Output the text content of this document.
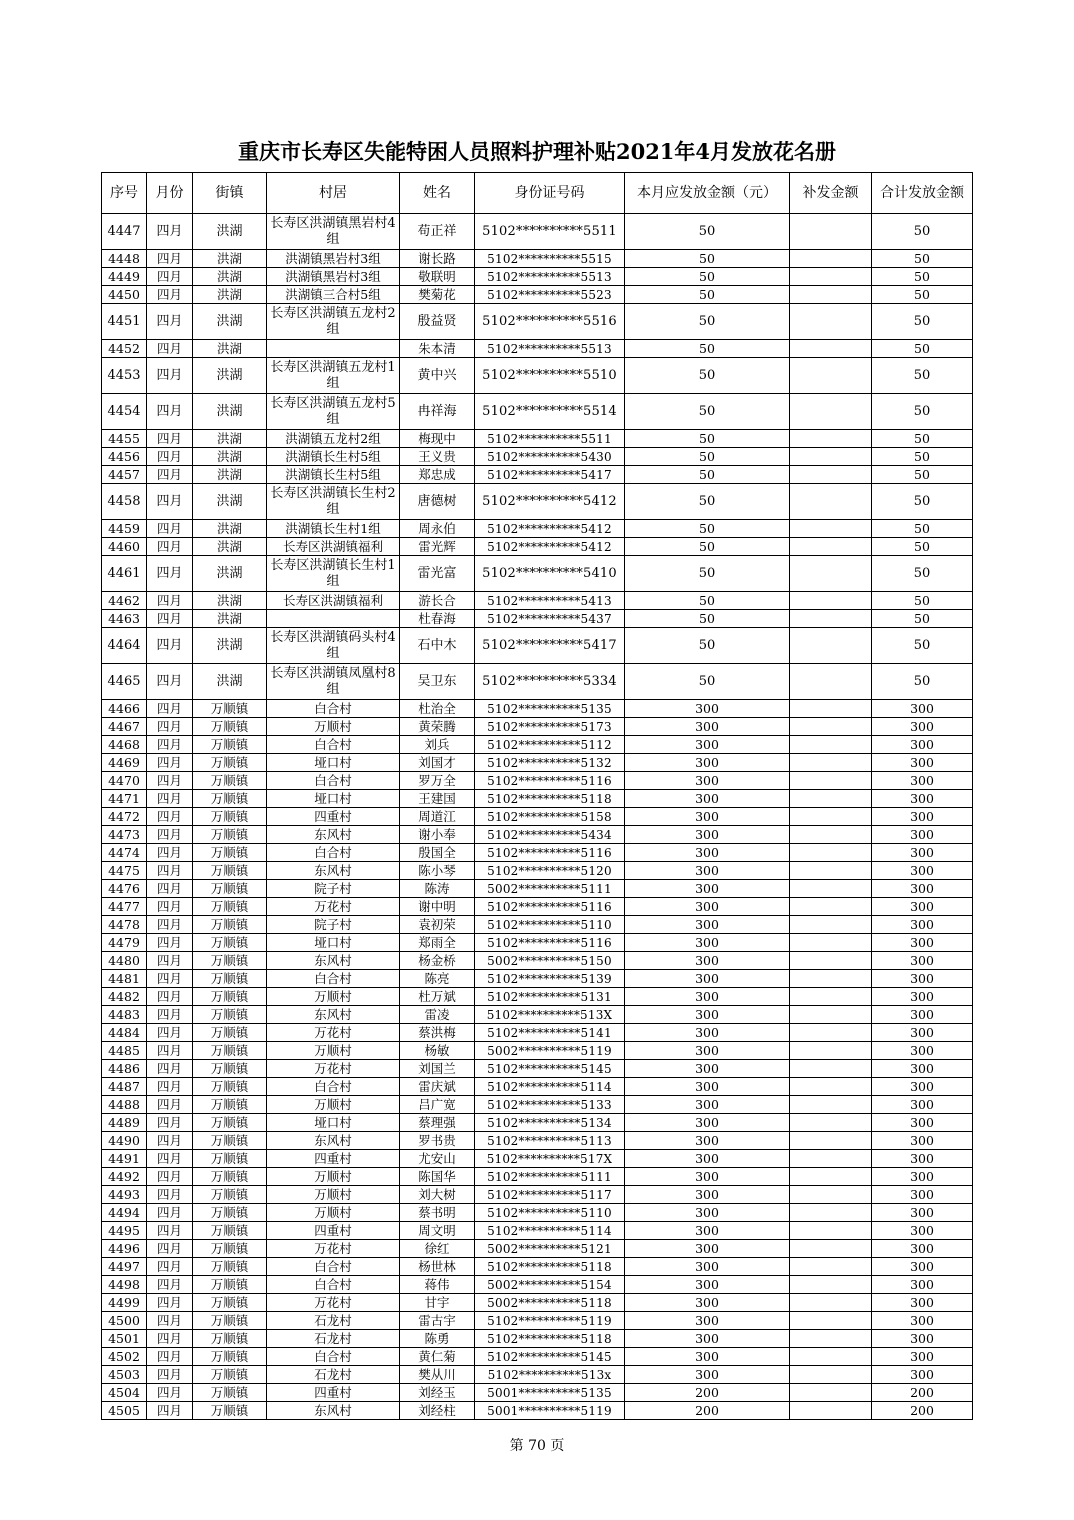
重庆市长寿区失能特困人员照料护理补贴2021年4月发放花名册
序号	月份	街镇	村居	姓名	身份证号码	本月应发放金额（元）	补发金额	合计发放金额
4447	四月	洪湖	长寿区洪湖镇黑岩村4组	苟正祥	5102**********5511	50		50
4448	四月	洪湖	洪湖镇黑岩村3组	谢长路	5102**********5515	50		50
4449	四月	洪湖	洪湖镇黑岩村3组	敬联明	5102**********5513	50		50
4450	四月	洪湖	洪湖镇三合村5组	樊菊花	5102**********5523	50		50
4451	四月	洪湖	长寿区洪湖镇五龙村2组	殷益贤	5102**********5516	50		50
4452	四月	洪湖		朱本清	5102**********5513	50		50
4453	四月	洪湖	长寿区洪湖镇五龙村1组	黄中兴	5102**********5510	50		50
4454	四月	洪湖	长寿区洪湖镇五龙村5组	冉祥海	5102**********5514	50		50
4455	四月	洪湖	洪湖镇五龙村2组	梅现中	5102**********5511	50		50
4456	四月	洪湖	洪湖镇长生村5组	王义贵	5102**********5430	50		50
4457	四月	洪湖	洪湖镇长生村5组	郑忠成	5102**********5417	50		50
4458	四月	洪湖	长寿区洪湖镇长生村2组	唐德树	5102**********5412	50		50
4459	四月	洪湖	洪湖镇长生村1组	周永伯	5102**********5412	50		50
4460	四月	洪湖	长寿区洪湖镇福利	雷光辉	5102**********5412	50		50
4461	四月	洪湖	长寿区洪湖镇长生村1组	雷光富	5102**********5410	50		50
4462	四月	洪湖	长寿区洪湖镇福利	游长合	5102**********5413	50		50
4463	四月	洪湖		杜春海	5102**********5437	50		50
4464	四月	洪湖	长寿区洪湖镇码头村4组	石中木	5102**********5417	50		50
4465	四月	洪湖	长寿区洪湖镇凤凰村8组	吴卫东	5102**********5334	50		50
4466	四月	万顺镇	白合村	杜治全	5102**********5135	300		300
4467	四月	万顺镇	万顺村	黄荣腾	5102**********5173	300		300
4468	四月	万顺镇	白合村	刘兵	5102**********5112	300		300
4469	四月	万顺镇	垭口村	刘国才	5102**********5132	300		300
4470	四月	万顺镇	白合村	罗万全	5102**********5116	300		300
4471	四月	万顺镇	垭口村	王建国	5102**********5118	300		300
4472	四月	万顺镇	四重村	周道江	5102**********5158	300		300
4473	四月	万顺镇	东风村	谢小奉	5102**********5434	300		300
4474	四月	万顺镇	白合村	殷国全	5102**********5116	300		300
4475	四月	万顺镇	东风村	陈小琴	5102**********5120	300		300
4476	四月	万顺镇	院子村	陈涛	5002**********5111	300		300
4477	四月	万顺镇	万花村	谢中明	5102**********5116	300		300
4478	四月	万顺镇	院子村	袁初荣	5102**********5110	300		300
4479	四月	万顺镇	垭口村	郑雨全	5102**********5116	300		300
4480	四月	万顺镇	东风村	杨金桥	5002**********5150	300		300
4481	四月	万顺镇	白合村	陈亮	5102**********5139	300		300
4482	四月	万顺镇	万顺村	杜万斌	5102**********5131	300		300
4483	四月	万顺镇	东风村	雷凌	5102**********513X	300		300
4484	四月	万顺镇	万花村	蔡洪梅	5102**********5141	300		300
4485	四月	万顺镇	万顺村	杨敏	5002**********5119	300		300
4486	四月	万顺镇	万花村	刘国兰	5102**********5145	300		300
4487	四月	万顺镇	白合村	雷庆斌	5102**********5114	300		300
4488	四月	万顺镇	万顺村	吕广宽	5102**********5133	300		300
4489	四月	万顺镇	垭口村	蔡理强	5102**********5134	300		300
4490	四月	万顺镇	东风村	罗书贵	5102**********5113	300		300
4491	四月	万顺镇	四重村	尤安山	5102**********517X	300		300
4492	四月	万顺镇	万顺村	陈国华	5102**********5111	300		300
4493	四月	万顺镇	万顺村	刘大树	5102**********5117	300		300
4494	四月	万顺镇	万顺村	蔡书明	5102**********5110	300		300
4495	四月	万顺镇	四重村	周文明	5102**********5114	300		300
4496	四月	万顺镇	万花村	徐红	5002**********5121	300		300
4497	四月	万顺镇	白合村	杨世林	5102**********5118	300		300
4498	四月	万顺镇	白合村	蒋伟	5002**********5154	300		300
4499	四月	万顺镇	万花村	甘宇	5002**********5118	300		300
4500	四月	万顺镇	石龙村	雷古宇	5102**********5119	300		300
4501	四月	万顺镇	石龙村	陈勇	5102**********5118	300		300
4502	四月	万顺镇	白合村	黄仁菊	5102**********5145	300		300
4503	四月	万顺镇	石龙村	樊从川	5102**********513x	300		300
4504	四月	万顺镇	四重村	刘经玉	5001**********5135	200		200
4505	四月	万顺镇	东风村	刘经柱	5001**********5119	200		200

第 70 页
